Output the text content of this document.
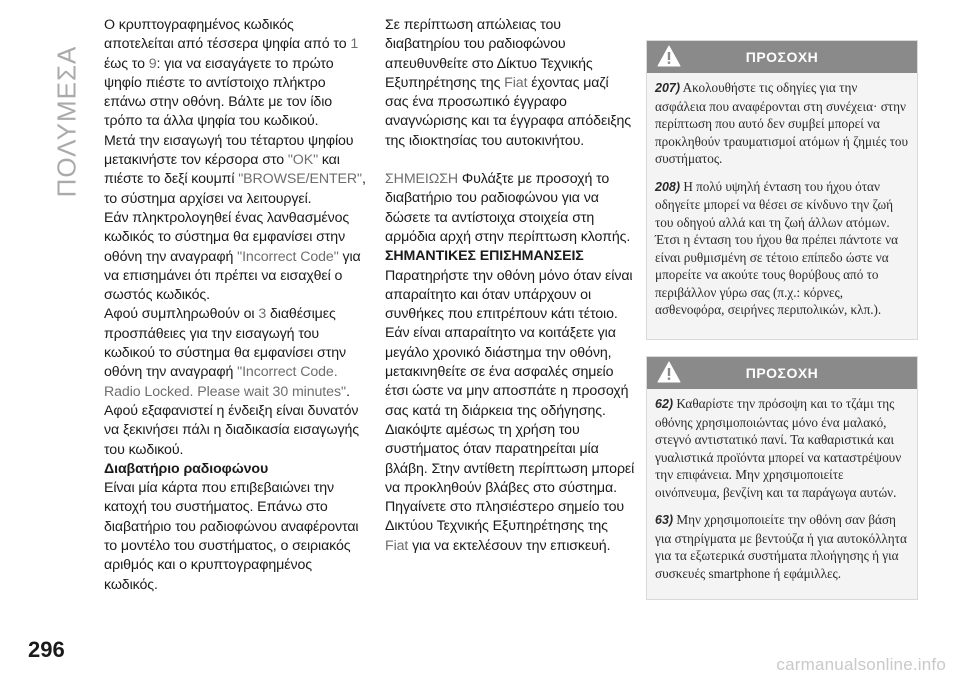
ΠΟΛΥΜΕΣΑ

Ο κρυπτογραφημένος κωδικός αποτελείται από τέσσερα ψηφία από το 1 έως το 9: για να εισαγάγετε το πρώτο ψηφίο πιέστε το αντίστοιχο πλήκτρο επάνω στην οθόνη. Βάλτε με τον ίδιο τρόπο τα άλλα ψηφία του κωδικού.

Μετά την εισαγωγή του τέταρτου ψηφίου μετακινήστε τον κέρσορα στο "OK" και πιέστε το δεξί κουμπί "BROWSE/ENTER", το σύστημα αρχίσει να λειτουργεί.

Εάν πληκτρολογηθεί ένας λανθασμένος κωδικός το σύστημα θα εμφανίσει στην οθόνη την αναγραφή "Incorrect Code" για να επισημάνει ότι πρέπει να εισαχθεί ο σωστός κωδικός.

Αφού συμπληρωθούν οι 3 διαθέσιμες προσπάθειες για την εισαγωγή του κωδικού το σύστημα θα εμφανίσει στην οθόνη την αναγραφή "Incorrect Code. Radio Locked. Please wait 30 minutes''. Αφού εξαφανιστεί η ένδειξη είναι δυνατόν να ξεκινήσει πάλι η διαδικασία εισαγωγής του κωδικού.

Διαβατήριο ραδιοφώνου

Είναι μία κάρτα που επιβεβαιώνει την κατοχή του συστήματος. Επάνω στο διαβατήριο του ραδιοφώνου αναφέρονται το μοντέλο του συστήματος, ο σειριακός αριθμός και ο κρυπτογραφημένος κωδικός.

Σε περίπτωση απώλειας του διαβατηρίου του ραδιοφώνου απευθυνθείτε στο Δίκτυο Τεχνικής Εξυπηρέτησης της Fiat έχοντας μαζί σας ένα προσωπικό έγγραφο αναγνώρισης και τα έγγραφα απόδειξης της ιδιοκτησίας του αυτοκινήτου.

ΣΗΜΕΙΩΣΗ Φυλάξτε με προσοχή το διαβατήριο του ραδιοφώνου για να δώσετε τα αντίστοιχα στοιχεία στη αρμόδια αρχή στην περίπτωση κλοπής.

ΣΗΜΑΝΤΙΚΕΣ ΕΠΙΣΗΜΑΝΣΕΙΣ

Παρατηρήστε την οθόνη μόνο όταν είναι απαραίτητο και όταν υπάρχουν οι συνθήκες που επιτρέπουν κάτι τέτοιο.

Εάν είναι απαραίτητο να κοιτάξετε για μεγάλο χρονικό διάστημα την οθόνη, μετακινηθείτε σε ένα ασφαλές σημείο έτσι ώστε να μην αποσπάτε η προσοχή σας κατά τη διάρκεια της οδήγησης.

Διακόψτε αμέσως τη χρήση του συστήματος όταν παρατηρείται μία βλάβη. Στην αντίθετη περίπτωση μπορεί να προκληθούν βλάβες στο σύστημα. Πηγαίνετε στο πλησιέστερο σημείο του Δικτύου Τεχνικής Εξυπηρέτησης της Fiat για να εκτελέσουν την επισκευή.

ΠΡΟΣΟΧΗ

207) Ακολουθήστε τις οδηγίες για την ασφάλεια που αναφέρονται στη συνέχεια· στην περίπτωση που αυτό δεν συμβεί μπορεί να προκληθούν τραυματισμοί ατόμων ή ζημιές του συστήματος.

208) Η πολύ υψηλή ένταση του ήχου όταν οδηγείτε μπορεί να θέσει σε κίνδυνο την ζωή του οδηγού αλλά και τη ζωή άλλων ατόμων. Έτσι η ένταση του ήχου θα πρέπει πάντοτε να είναι ρυθμισμένη σε τέτοιο επίπεδο ώστε να μπορείτε να ακούτε τους θορύβους από το περιβάλλον γύρω σας (π.χ.: κόρνες, ασθενοφόρα, σειρήνες περιπολικών, κλπ.).

ΠΡΟΣΟΧΗ

62) Καθαρίστε την πρόσοψη και το τζάμι της οθόνης χρησιμοποιώντας μόνο ένα μαλακό, στεγνό αντιστατικό πανί. Τα καθαριστικά και γυαλιστικά προϊόντα μπορεί να καταστρέψουν την επιφάνεια. Μην χρησιμοποιείτε οινόπνευμα, βενζίνη και τα παράγωγα αυτών.

63) Μην χρησιμοποιείτε την οθόνη σαν βάση για στηρίγματα με βεντούζα ή για αυτοκόλλητα για τα εξωτερικά συστήματα πλοήγησης ή για συσκευές smartphone ή εφάμιλλες.

296
carmanualsonline.info
